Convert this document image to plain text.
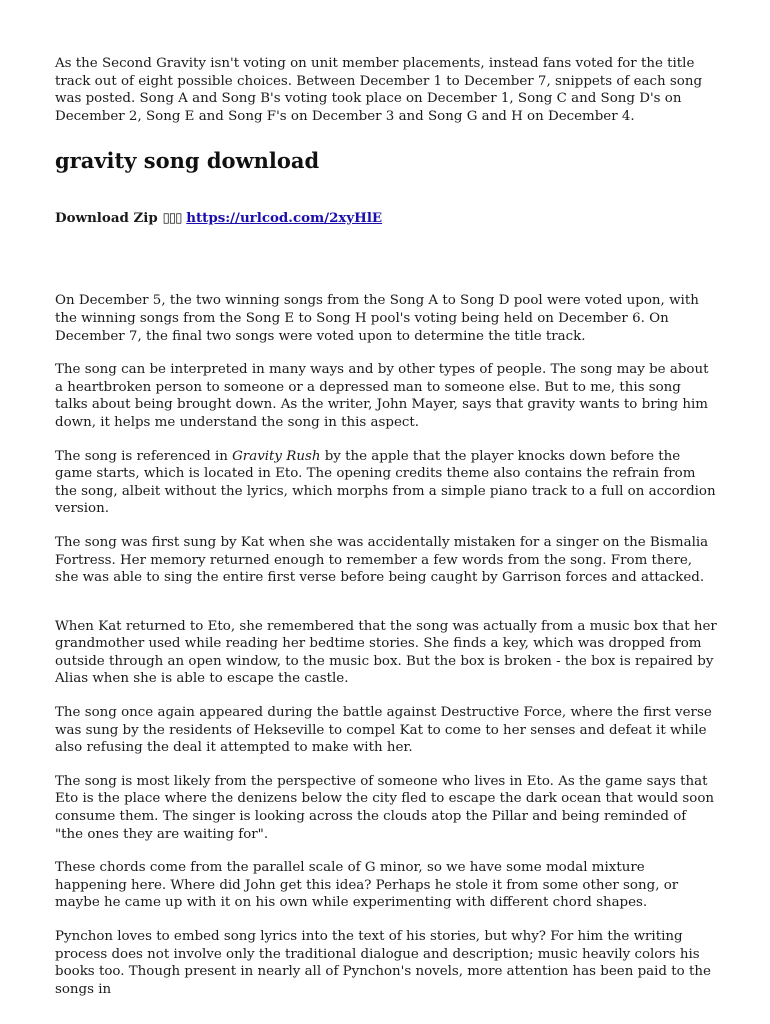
As the Second Gravity isn't voting on unit member placements, instead fans voted for the title track out of eight possible choices. Between December 1 to December 7, snippets of each song was posted. Song A and Song B's voting took place on December 1, Song C and Song D's on December 2, Song E and Song F's on December 3 and Song G and H on December 4.

gravity song download
Download Zip ▯▯▯ https://urlcod.com/2xyHlE

On December 5, the two winning songs from the Song A to Song D pool were voted upon, with the winning songs from the Song E to Song H pool's voting being held on December 6. On December 7, the final two songs were voted upon to determine the title track.

The song can be interpreted in many ways and by other types of people. The song may be about a heartbroken person to someone or a depressed man to someone else. But to me, this song talks about being brought down. As the writer, John Mayer, says that gravity wants to bring him down, it helps me understand the song in this aspect.

The song is referenced in Gravity Rush by the apple that the player knocks down before the game starts, which is located in Eto. The opening credits theme also contains the refrain from the song, albeit without the lyrics, which morphs from a simple piano track to a full on accordion version.

The song was first sung by Kat when she was accidentally mistaken for a singer on the Bismalia Fortress. Her memory returned enough to remember a few words from the song. From there, she was able to sing the entire first verse before being caught by Garrison forces and attacked.

When Kat returned to Eto, she remembered that the song was actually from a music box that her grandmother used while reading her bedtime stories. She finds a key, which was dropped from outside through an open window, to the music box. But the box is broken - the box is repaired by Alias when she is able to escape the castle.

The song once again appeared during the battle against Destructive Force, where the first verse was sung by the residents of Hekseville to compel Kat to come to her senses and defeat it while also refusing the deal it attempted to make with her.

The song is most likely from the perspective of someone who lives in Eto. As the game says that Eto is the place where the denizens below the city fled to escape the dark ocean that would soon consume them. The singer is looking across the clouds atop the Pillar and being reminded of "the ones they are waiting for".

These chords come from the parallel scale of G minor, so we have some modal mixture happening here. Where did John get this idea? Perhaps he stole it from some other song, or maybe he came up with it on his own while experimenting with different chord shapes.

Pynchon loves to embed song lyrics into the text of his stories, but why? For him the writing process does not involve only the traditional dialogue and description; music heavily colors his books too. Though present in nearly all of Pynchon's novels, more attention has been paid to the songs in
